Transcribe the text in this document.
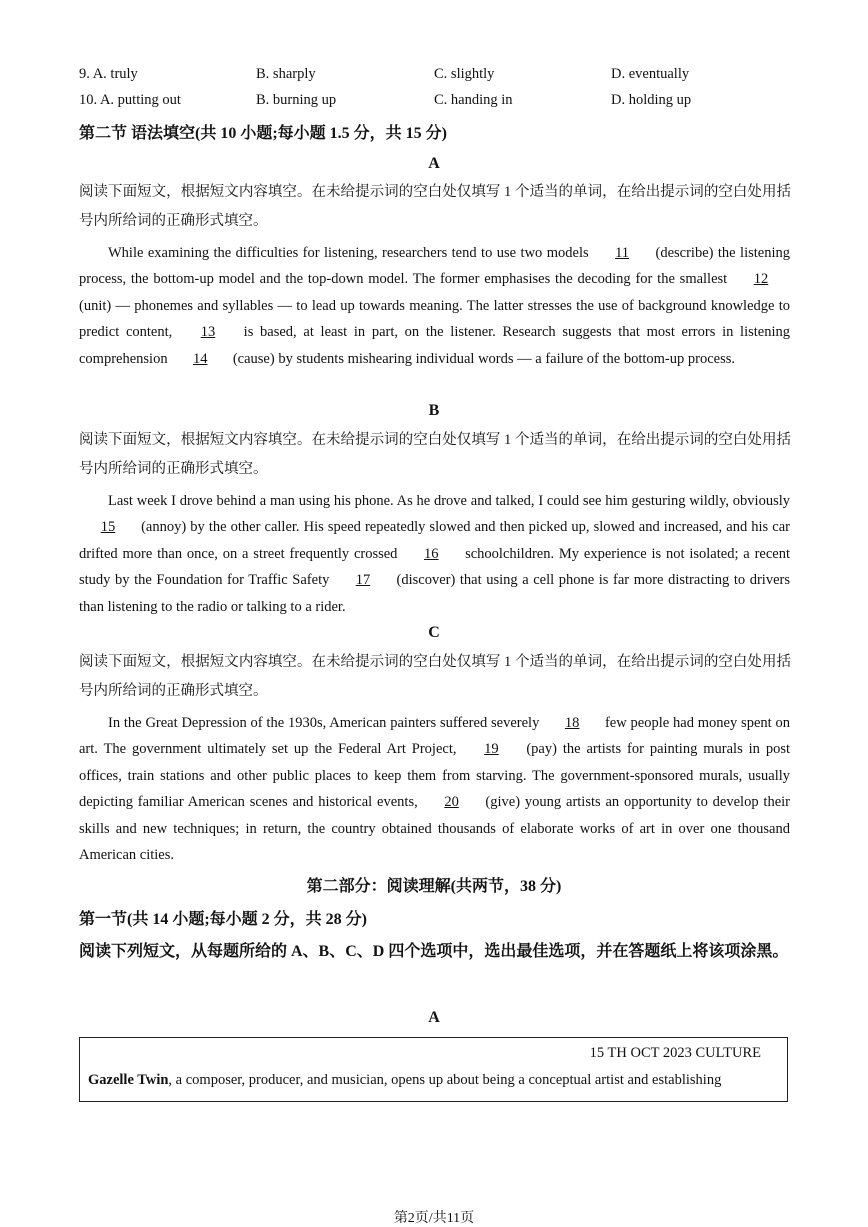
9. A. truly	B. sharply	C. slightly	D. eventually
10. A. putting out	B. burning up	C. handing in	D. holding up
第二节 语法填空(共 10 小题;每小题 1.5 分，共 15 分)
A
阅读下面短文，根据短文内容填空。在未给提示词的空白处仅填写 1 个适当的单词，在给出提示词的空白处用括号内所给词的正确形式填空。
While examining the difficulties for listening, researchers tend to use two models 11 (describe) the listening process, the bottom-up model and the top-down model. The former emphasises the decoding for the smallest 12 (unit) — phonemes and syllables — to lead up towards meaning. The latter stresses the use of background knowledge to predict content, 13 is based, at least in part, on the listener. Research suggests that most errors in listening comprehension 14 (cause) by students mishearing individual words — a failure of the bottom-up process.
B
阅读下面短文，根据短文内容填空。在未给提示词的空白处仅填写 1 个适当的单词，在给出提示词的空白处用括号内所给词的正确形式填空。
Last week I drove behind a man using his phone. As he drove and talked, I could see him gesturing wildly, obviously 15 (annoy) by the other caller. His speed repeatedly slowed and then picked up, slowed and increased, and his car drifted more than once, on a street frequently crossed 16 schoolchildren. My experience is not isolated; a recent study by the Foundation for Traffic Safety 17 (discover) that using a cell phone is far more distracting to drivers than listening to the radio or talking to a rider.
C
阅读下面短文，根据短文内容填空。在未给提示词的空白处仅填写 1 个适当的单词，在给出提示词的空白处用括号内所给词的正确形式填空。
In the Great Depression of the 1930s, American painters suffered severely 18 few people had money spent on art. The government ultimately set up the Federal Art Project, 19 (pay) the artists for painting murals in post offices, train stations and other public places to keep them from starving. The government-sponsored murals, usually depicting familiar American scenes and historical events, 20 (give) young artists an opportunity to develop their skills and new techniques; in return, the country obtained thousands of elaborate works of art in over one thousand American cities.
第二部分：阅读理解(共两节，38 分)
第一节(共 14 小题;每小题 2 分，共 28 分)
阅读下列短文，从每题所给的 A、B、C、D 四个选项中，选出最佳选项，并在答题纸上将该项涂黑。
A
15 TH OCT 2023 CULTURE
Gazelle Twin, a composer, producer, and musician, opens up about being a conceptual artist and establishing
第2页/共11页
